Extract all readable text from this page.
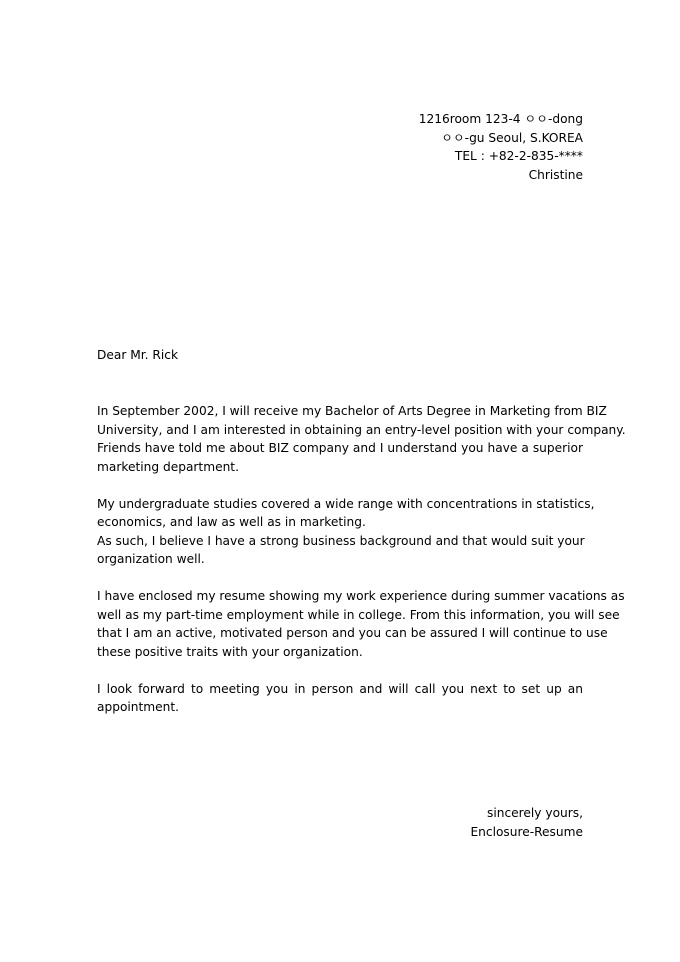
1216room 123-4 ㅇㅇ-dong
ㅇㅇ-gu Seoul, S.KOREA
TEL : +82-2-835-****
Christine
Dear Mr. Rick
In September 2002, I will receive my Bachelor of Arts Degree in Marketing from BIZ
University, and I am interested in obtaining an entry-level position with your company.
Friends have told me about BIZ company and I understand you have a superior
marketing department.
My undergraduate studies covered a wide range with concentrations in statistics,
economics, and law as well as in marketing.
As such, I believe I have a strong business background and that would suit your
organization well.
I have enclosed my resume showing my work experience during summer vacations as
well as my part-time employment while in college. From this information, you will see
that I am an active, motivated person and you can be assured I will continue to use
these positive traits with your organization.
I look forward to meeting you in person and will call you next to set up an
appointment.
sincerely yours,
Enclosure-Resume
